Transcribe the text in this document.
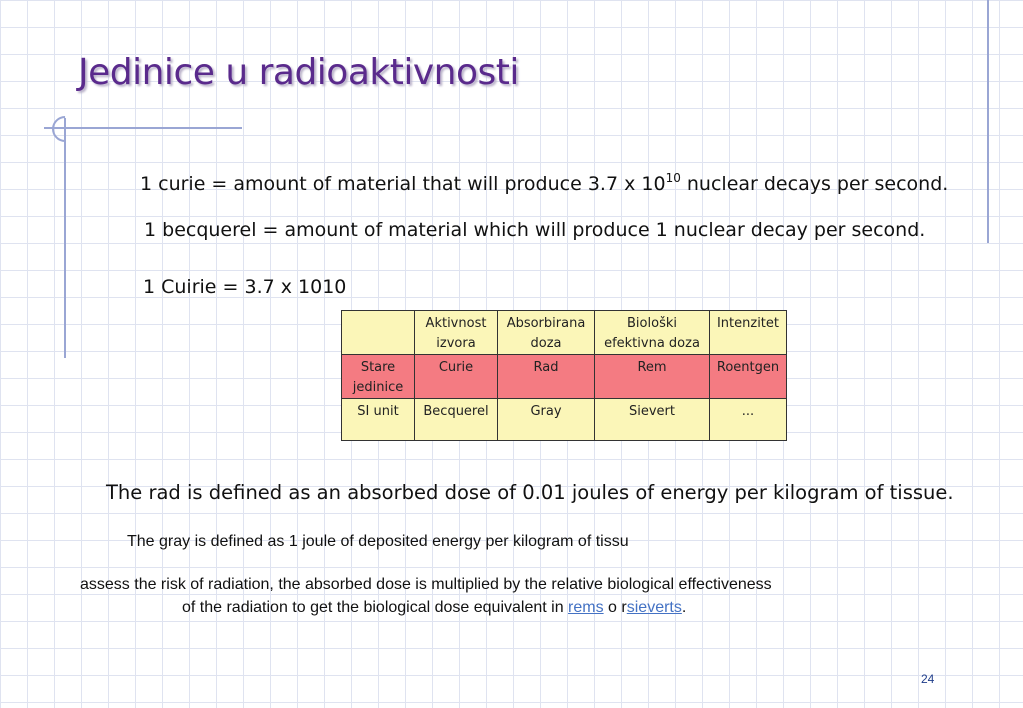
Jedinice u radioaktivnosti

1 curie = amount of material that will produce 3.7 x $10^{10}$ nuclear decays per second.

1 becquerel = amount of material which will produce 1 nuclear decay per second.

1 Cuirie = 3.7 x 1010

	Aktivnost izvora	Absorbirana doza	Biološki efektivna doza	Intenzitet
Stare jedinice	Curie	Rad	Rem	Roentgen
SI unit	Becquerel	Gray	Sievert	...

The rad is defined as an absorbed dose of 0.01 joules of energy per kilogram of tissue.

The gray is defined as 1 joule of deposited energy per kilogram of tissu

assess the risk of radiation, the absorbed dose is multiplied by the relative biological effectiveness

of the radiation to get the biological dose equivalent in rems o rsieverts.

24
